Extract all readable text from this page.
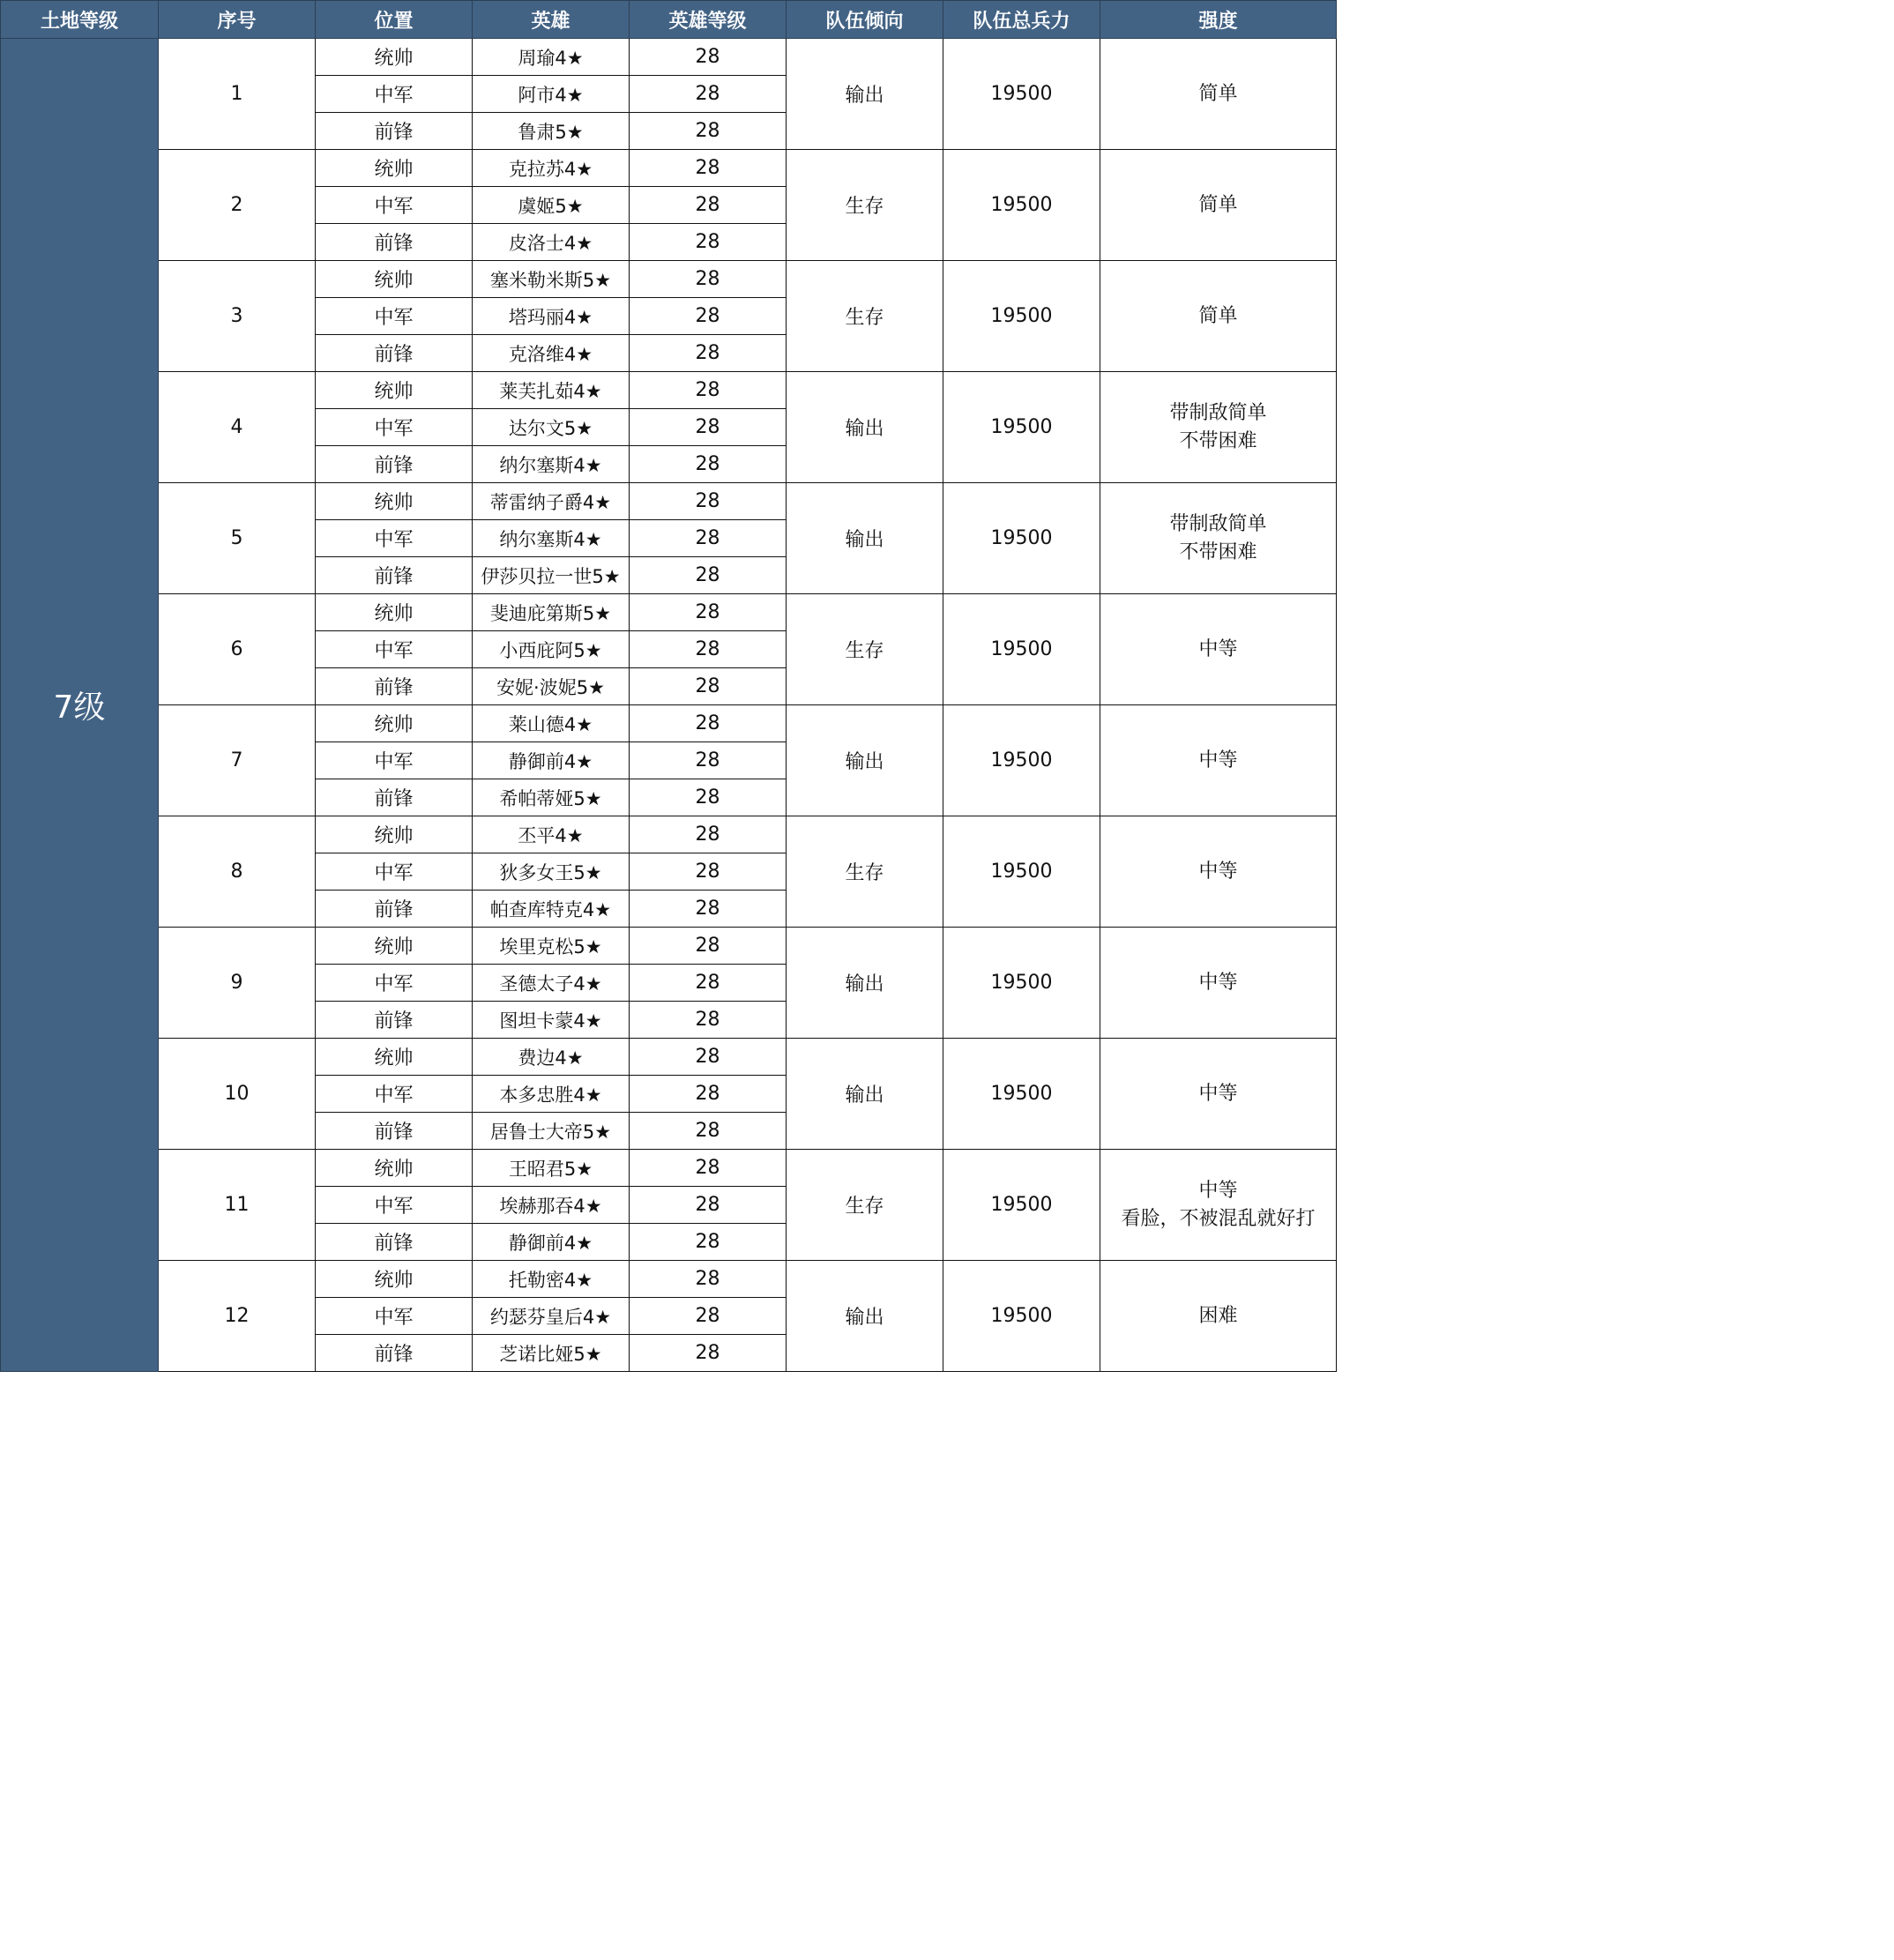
土地等级	序号	位置	英雄	英雄等级	队伍倾向	队伍总兵力	强度
7级	1	统帅	周瑜4★	28	输出	19500	简单

		中军	阿市4★	28			
		前锋	鲁肃5★	28			
	2	统帅	克拉苏4★	28	生存	19500	简单

		中军	虞姬5★	28			
		前锋	皮洛士4★	28			
	3	统帅	塞米勒米斯5★	28	生存	19500	简单

		中军	塔玛丽4★	28			
		前锋	克洛维4★	28			
	4	统帅	莱芙扎茹4★	28	输出	19500	带制敌简单
不带困难

		中军	达尔文5★	28			
		前锋	纳尔塞斯4★	28			
	5	统帅	蒂雷纳子爵4★	28	输出	19500	带制敌简单
不带困难

		中军	纳尔塞斯4★	28			
		前锋	伊莎贝拉一世5★	28			
	6	统帅	斐迪庇第斯5★	28	生存	19500	中等

		中军	小西庇阿5★	28			
		前锋	安妮·波妮5★	28			
	7	统帅	莱山德4★	28	输出	19500	中等

		中军	静御前4★	28			
		前锋	希帕蒂娅5★	28			
	8	统帅	丕平4★	28	生存	19500	中等

		中军	狄多女王5★	28			
		前锋	帕查库特克4★	28			
	9	统帅	埃里克松5★	28	输出	19500	中等

		中军	圣德太子4★	28			
		前锋	图坦卡蒙4★	28			
	10	统帅	费边4★	28	输出	19500	中等

		中军	本多忠胜4★	28			
		前锋	居鲁士大帝5★	28			
	11	统帅	王昭君5★	28	生存	19500	中等
看脸，不被混乱就好打

		中军	埃赫那吞4★	28			
		前锋	静御前4★	28			
	12	统帅	托勒密4★	28	输出	19500	困难

		中军	约瑟芬皇后4★	28			
		前锋	芝诺比娅5★	28			
